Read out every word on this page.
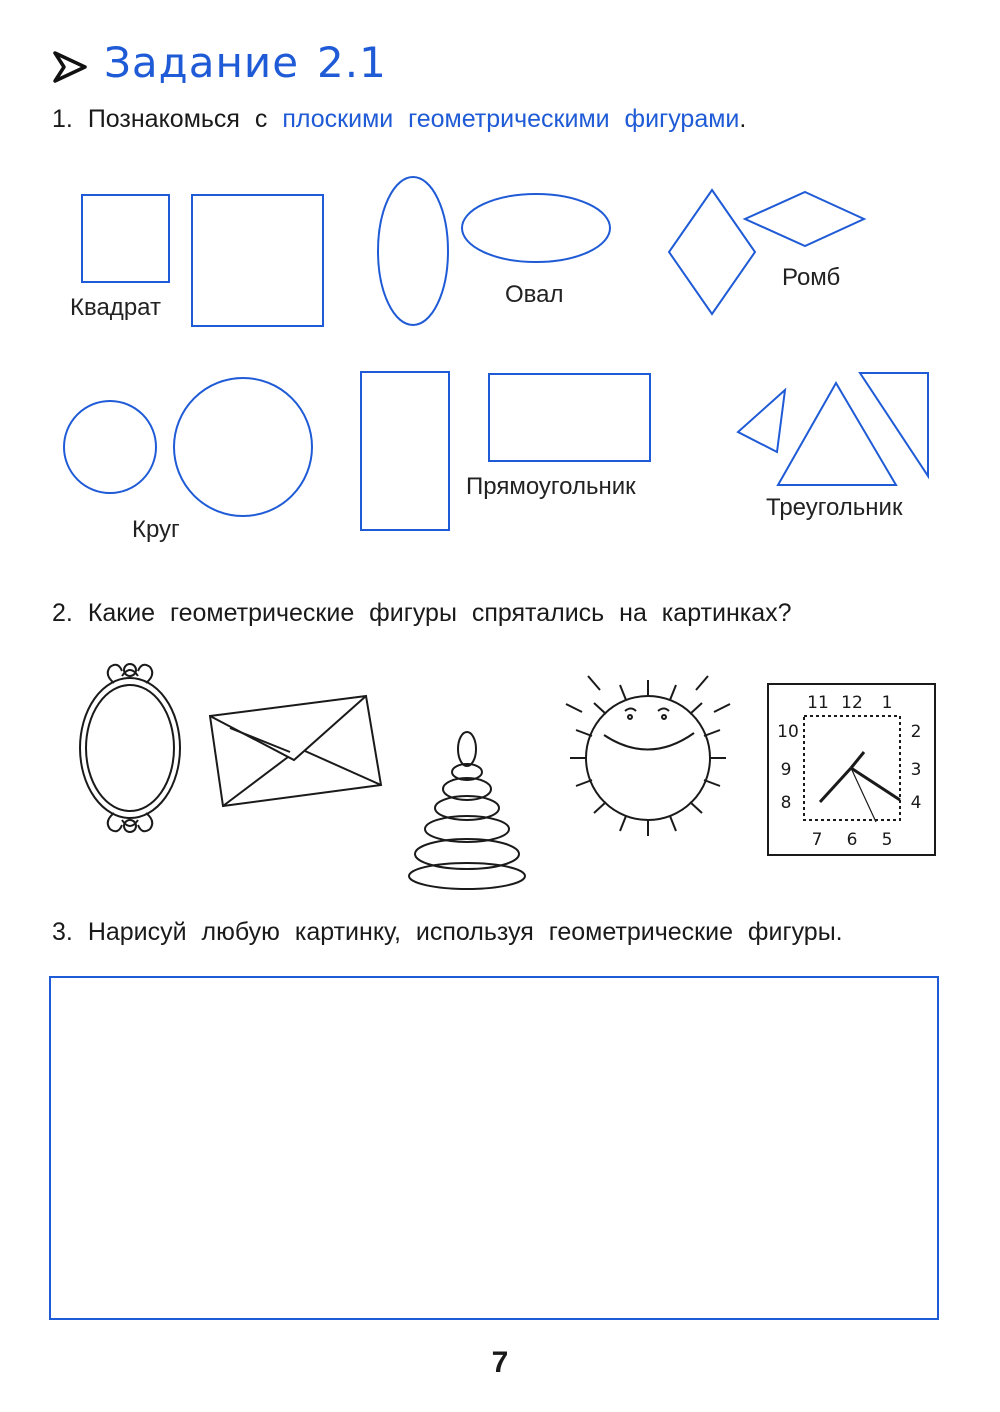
Задание 2.1
1. Познакомься с плоскими геометрическими фигурами.
Квадрат	Овал
Ромб
Круг
Прямоугольник
Треугольник
2. Какие геометрические фигуры спрятались на картинках?
11 12 1
10	2
9	3
8	4
7 6 5
3. Нарисуй любую картинку, используя геометрические фигуры.
7
